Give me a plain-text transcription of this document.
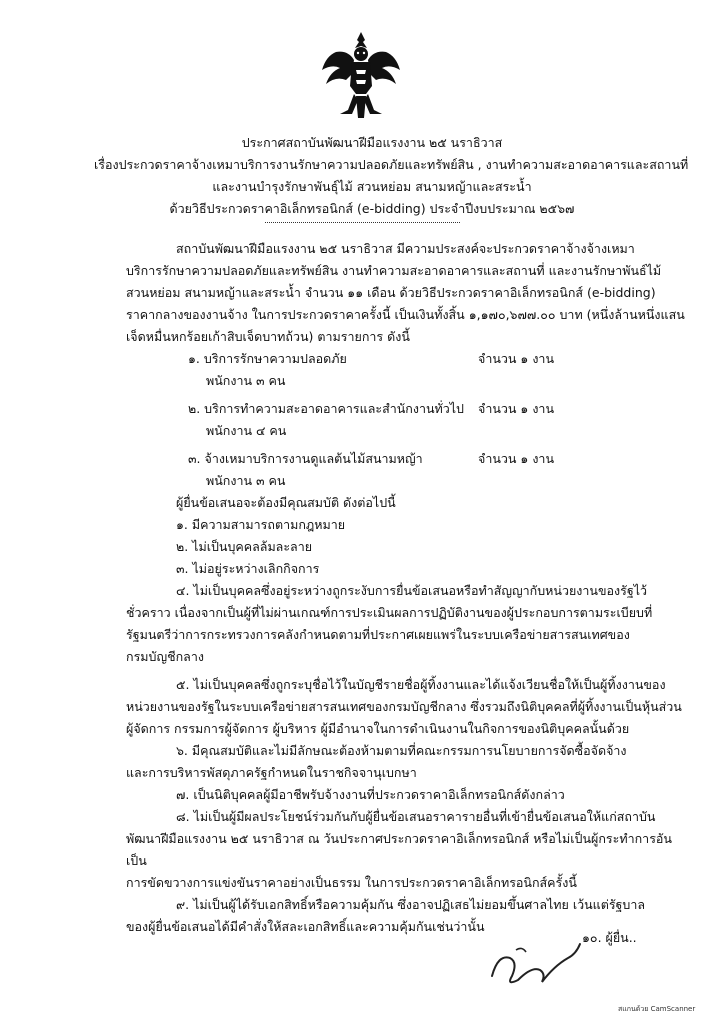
ประกาศสถาบันพัฒนาฝีมือแรงงาน ๒๕ นราธิวาส
เรื่อง ประกวดราคาจ้างเหมาบริการงานรักษาความปลอดภัยและทรัพย์สิน , งานทำความสะอาดอาคารและสถานที่
และงานบำรุงรักษาพันธุ์ไม้ สวนหย่อม สนามหญ้าและสระน้ำ
ด้วยวิธีประกวดราคาอิเล็กทรอนิกส์ (e-bidding) ประจำปีงบประมาณ ๒๕๖๗

สถาบันพัฒนาฝีมือแรงงาน ๒๕ นราธิวาส มีความประสงค์จะประกวดราคาจ้างจ้างเหมา

บริการรักษาความปลอดภัยและทรัพย์สิน งานทำความสะอาดอาคารและสถานที่ และงานรักษาพันธ์ไม้

สวนหย่อม สนามหญ้าและสระน้ำ จำนวน ๑๑ เดือน ด้วยวิธีประกวดราคาอิเล็กทรอนิกส์ (e-bidding)

ราคากลางของงานจ้าง ในการประกวดราคาครั้งนี้ เป็นเงินทั้งสิ้น ๑,๑๗๐,๖๗๗.๐๐ บาท (หนึ่งล้านหนึ่งแสน

เจ็ดหมื่นหกร้อยเก้าสิบเจ็ดบาทถ้วน) ตามรายการ ดังนี้

๑. บริการรักษาความปลอดภัย	จำนวน ๑ งาน
พนักงาน ๓ คน
๒. บริการทำความสะอาดอาคารและสำนักงานทั่วไป จำนวน ๑ งาน
พนักงาน ๔ คน
๓. จ้างเหมาบริการงานดูแลต้นไม้สนามหญ้า	จำนวน ๑ งาน
พนักงาน ๓ คน

ผู้ยื่นข้อเสนอจะต้องมีคุณสมบัติ ดังต่อไปนี้

๑. มีความสามารถตามกฎหมาย

๒. ไม่เป็นบุคคลล้มละลาย

๓. ไม่อยู่ระหว่างเลิกกิจการ

๔. ไม่เป็นบุคคลซึ่งอยู่ระหว่างถูกระงับการยื่นข้อเสนอหรือทำสัญญากับหน่วยงานของรัฐไว้

ชั่วคราว เนื่องจากเป็นผู้ที่ไม่ผ่านเกณฑ์การประเมินผลการปฏิบัติงานของผู้ประกอบการตามระเบียบที่

รัฐมนตรีว่าการกระทรวงการคลังกำหนดตามที่ประกาศเผยแพร่ในระบบเครือข่ายสารสนเทศของ

กรมบัญชีกลาง

๕. ไม่เป็นบุคคลซึ่งถูกระบุชื่อไว้ในบัญชีรายชื่อผู้ทิ้งงานและได้แจ้งเวียนชื่อให้เป็นผู้ทิ้งงานของ

หน่วยงานของรัฐในระบบเครือข่ายสารสนเทศของกรมบัญชีกลาง ซึ่งรวมถึงนิติบุคคลที่ผู้ทิ้งงานเป็นหุ้นส่วน

ผู้จัดการ กรรมการผู้จัดการ ผู้บริหาร ผู้มีอำนาจในการดำเนินงานในกิจการของนิติบุคคลนั้นด้วย

๖. มีคุณสมบัติและไม่มีลักษณะต้องห้ามตามที่คณะกรรมการนโยบายการจัดซื้อจัดจ้าง

และการบริหารพัสดุภาครัฐกำหนดในราชกิจจานุเบกษา

๗. เป็นนิติบุคคลผู้มีอาชีพรับจ้างงานที่ประกวดราคาอิเล็กทรอนิกส์ดังกล่าว

๘. ไม่เป็นผู้มีผลประโยชน์ร่วมกันกับผู้ยื่นข้อเสนอราคารายอื่นที่เข้ายื่นข้อเสนอให้แก่สถาบัน

พัฒนาฝีมือแรงงาน ๒๕ นราธิวาส ณ วันประกาศประกวดราคาอิเล็กทรอนิกส์ หรือไม่เป็นผู้กระทำการอันเป็น

การขัดขวางการแข่งขันราคาอย่างเป็นธรรม ในการประกวดราคาอิเล็กทรอนิกส์ครั้งนี้

๙. ไม่เป็นผู้ได้รับเอกสิทธิ์หรือความคุ้มกัน ซึ่งอาจปฏิเสธไม่ยอมขึ้นศาลไทย เว้นแต่รัฐบาล

ของผู้ยื่นข้อเสนอได้มีคำสั่งให้สละเอกสิทธิ์และความคุ้มกันเช่นว่านั้น

๑๐. ผู้ยื่น..
สแกนด้วย CamScanner
